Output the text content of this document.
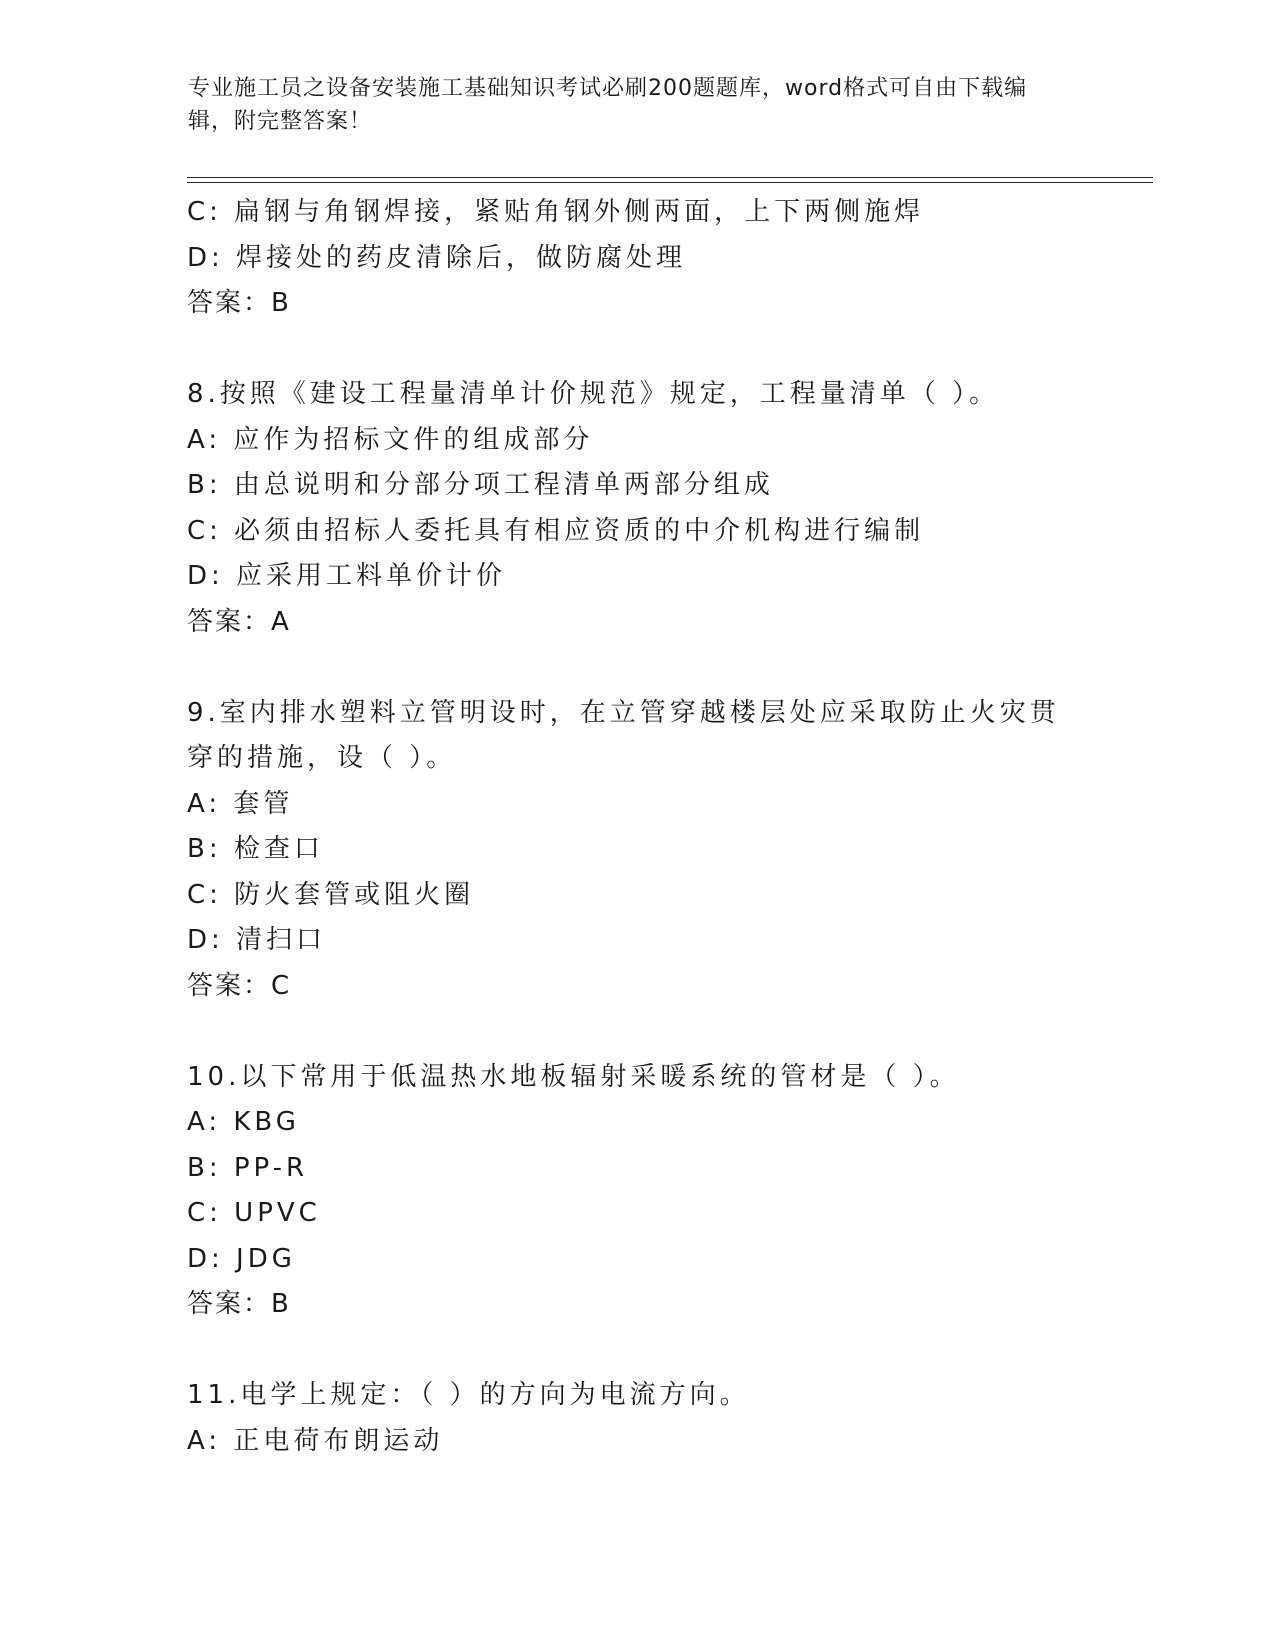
专业施工员之设备安装施工基础知识考试必刷200题题库，word格式可自由下载编辑，附完整答案！
C: 扁钢与角钢焊接，紧贴角钢外侧两面，上下两侧施焊
D: 焊接处的药皮清除后，做防腐处理
答案：B
8.按照《建设工程量清单计价规范》规定，工程量清单（ ）。
A: 应作为招标文件的组成部分
B: 由总说明和分部分项工程清单两部分组成
C: 必须由招标人委托具有相应资质的中介机构进行编制
D: 应采用工料单价计价
答案：A
9.室内排水塑料立管明设时，在立管穿越楼层处应采取防止火灾贯穿的措施，设（ ）。
A: 套管
B: 检查口
C: 防火套管或阻火圈
D: 清扫口
答案：C
10.以下常用于低温热水地板辐射采暖系统的管材是（ ）。
A: KBG
B: PP-R
C: UPVC
D: JDG
答案：B
11.电学上规定：（ ）的方向为电流方向。
A: 正电荷布朗运动
